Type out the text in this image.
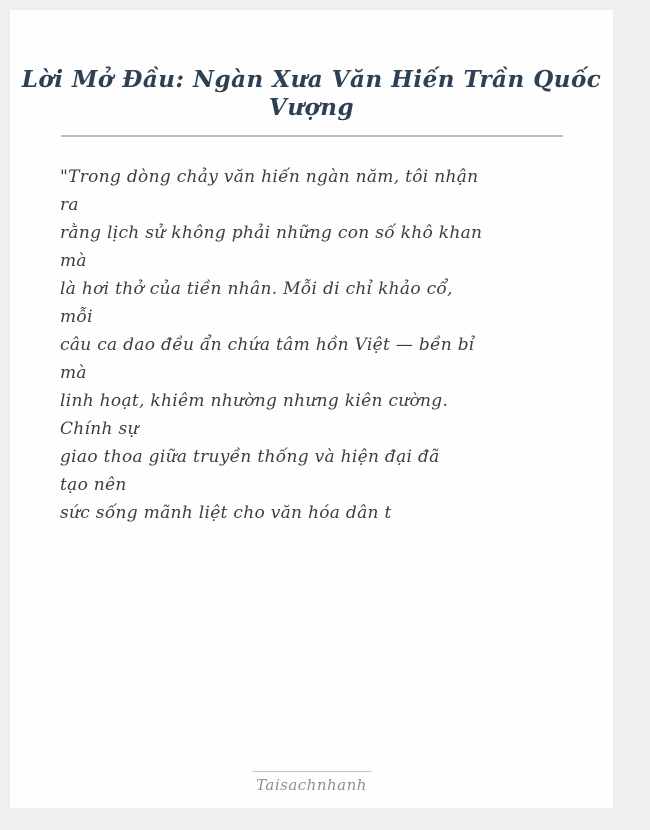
Lời Mở Đầu: Ngàn Xưa Văn Hiến Trần Quốc Vượng
"Trong dòng chảy văn hiến ngàn năm, tôi nhận
ra
rằng lịch sử không phải những con số khô khan
mà
là hơi thở của tiền nhân. Mỗi di chỉ khảo cổ,
mỗi
câu ca dao đều ẩn chứa tâm hồn Việt — bền bỉ
mà
linh hoạt, khiêm nhường nhưng kiên cường.
Chính sự
giao thoa giữa truyền thống và hiện đại đã
tạo nên
sức sống mãnh liệt cho văn hóa dân t
Taisachnhanh
